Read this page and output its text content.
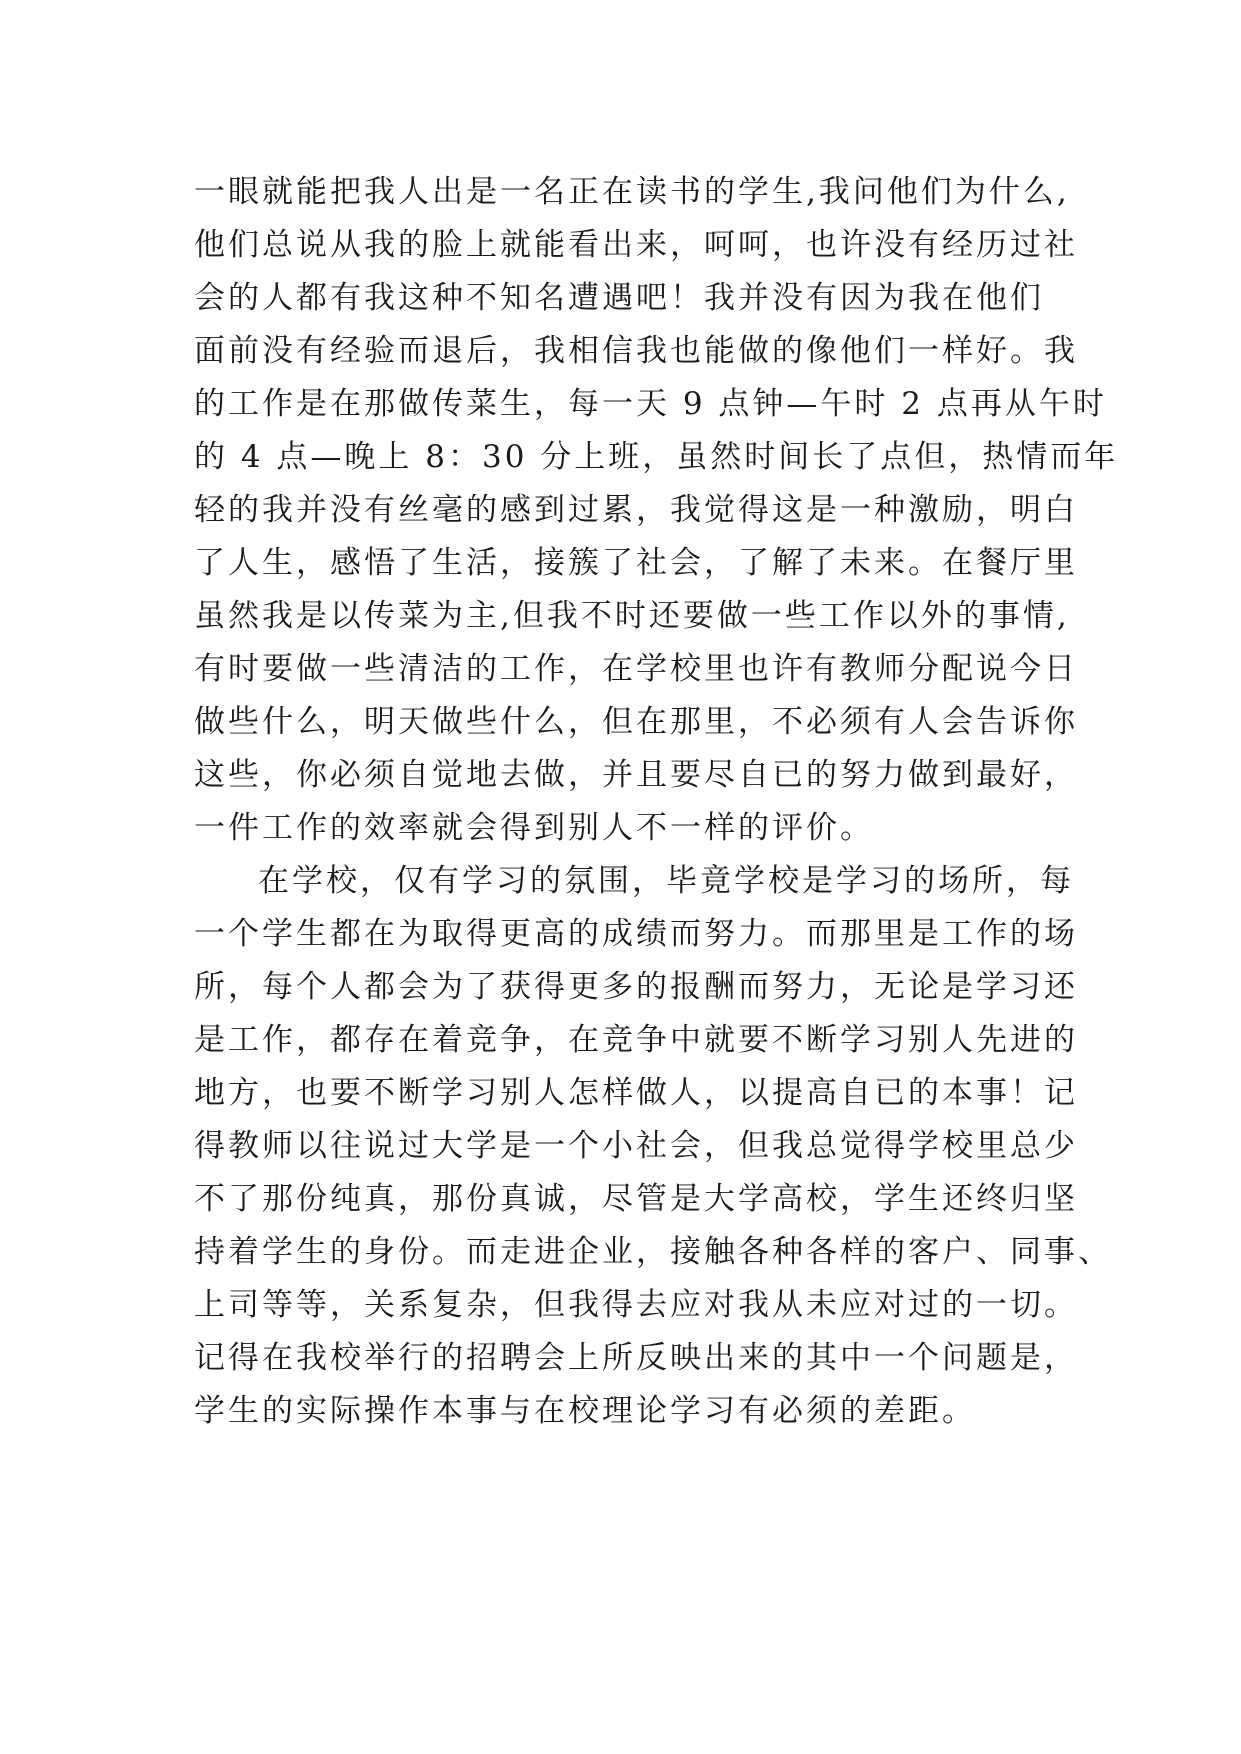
一眼就能把我人出是一名正在读书的学生,我问他们为什么,
他们总说从我的脸上就能看出来，呵呵，也许没有经历过社
会的人都有我这种不知名遭遇吧！我并没有因为我在他们
面前没有经验而退后，我相信我也能做的像他们一样好。我
的工作是在那做传菜生，每一天 9 点钟—午时 2 点再从午时
的 4 点—晚上 8：30 分上班，虽然时间长了点但，热情而年
轻的我并没有丝毫的感到过累，我觉得这是一种激励，明白
了人生，感悟了生活，接簇了社会，了解了未来。在餐厅里
虽然我是以传菜为主,但我不时还要做一些工作以外的事情,
有时要做一些清洁的工作，在学校里也许有教师分配说今日
做些什么，明天做些什么，但在那里，不必须有人会告诉你
这些，你必须自觉地去做，并且要尽自已的努力做到最好，
一件工作的效率就会得到别人不一样的评价。
在学校，仅有学习的氛围，毕竟学校是学习的场所，每
一个学生都在为取得更高的成绩而努力。而那里是工作的场
所，每个人都会为了获得更多的报酬而努力，无论是学习还
是工作，都存在着竞争，在竞争中就要不断学习别人先进的
地方，也要不断学习别人怎样做人，以提高自已的本事！记
得教师以往说过大学是一个小社会，但我总觉得学校里总少
不了那份纯真，那份真诚，尽管是大学高校，学生还终归坚
持着学生的身份。而走进企业，接触各种各样的客户、同事、
上司等等，关系复杂，但我得去应对我从未应对过的一切。
记得在我校举行的招聘会上所反映出来的其中一个问题是，
学生的实际操作本事与在校理论学习有必须的差距。
